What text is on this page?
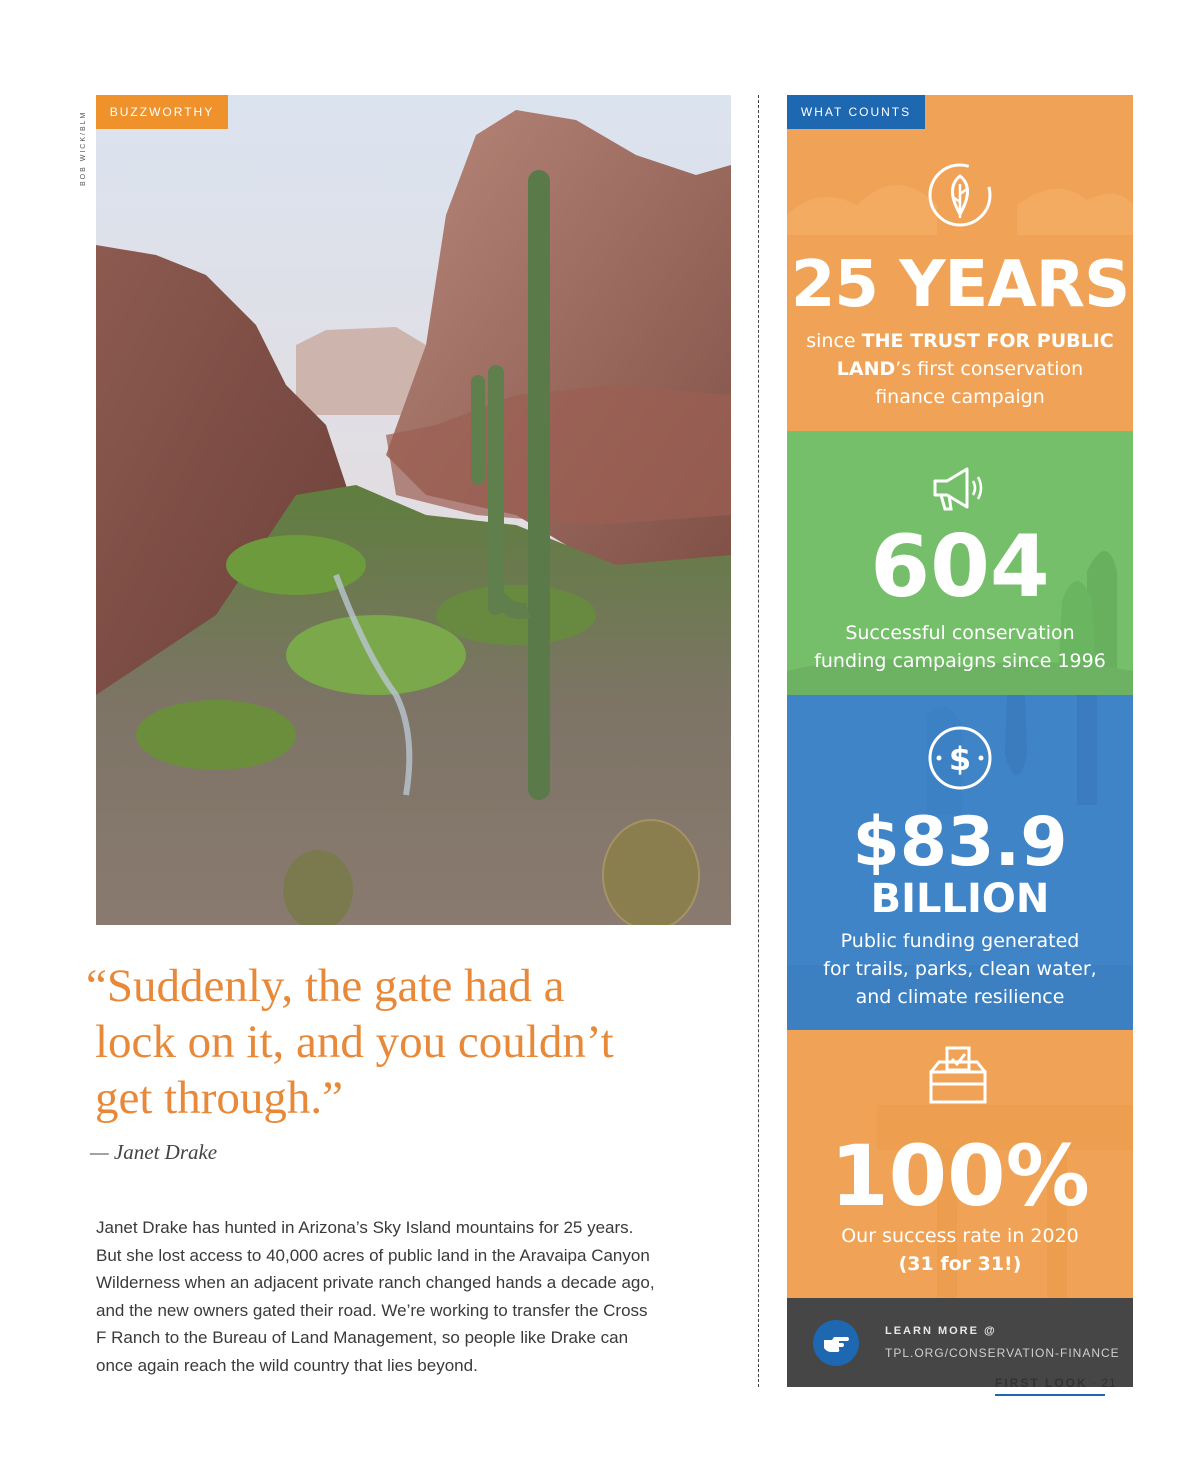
BOB WICK/BLM	BUZZWORTHY
“Suddenly, the gate had a
lock on it, and you couldn’t
get through.”
— Janet Drake
Janet Drake has hunted in Arizona’s Sky Island mountains for 25 years.
But she lost access to 40,000 acres of public land in the Aravaipa Canyon
Wilderness when an adjacent private ranch changed hands a decade ago,
and the new owners gated their road. We’re working to transfer the Cross
F Ranch to the Bureau of Land Management, so people like Drake can
once again reach the wild country that lies beyond.
WHAT COUNTS
25 YEARS
since THE TRUST FOR PUBLIC
LAND’s first conservation
finance campaign
604
Successful conservation
funding campaigns since 1996
$
$83.9
BILLION
Public funding generated
for trails, parks, clean water,
and climate resilience
100%
Our success rate in 2020
(31 for 31!)
LEARN MORE @
TPL.ORG/CONSERVATION-FINANCE
FIRST LOOK · 21
